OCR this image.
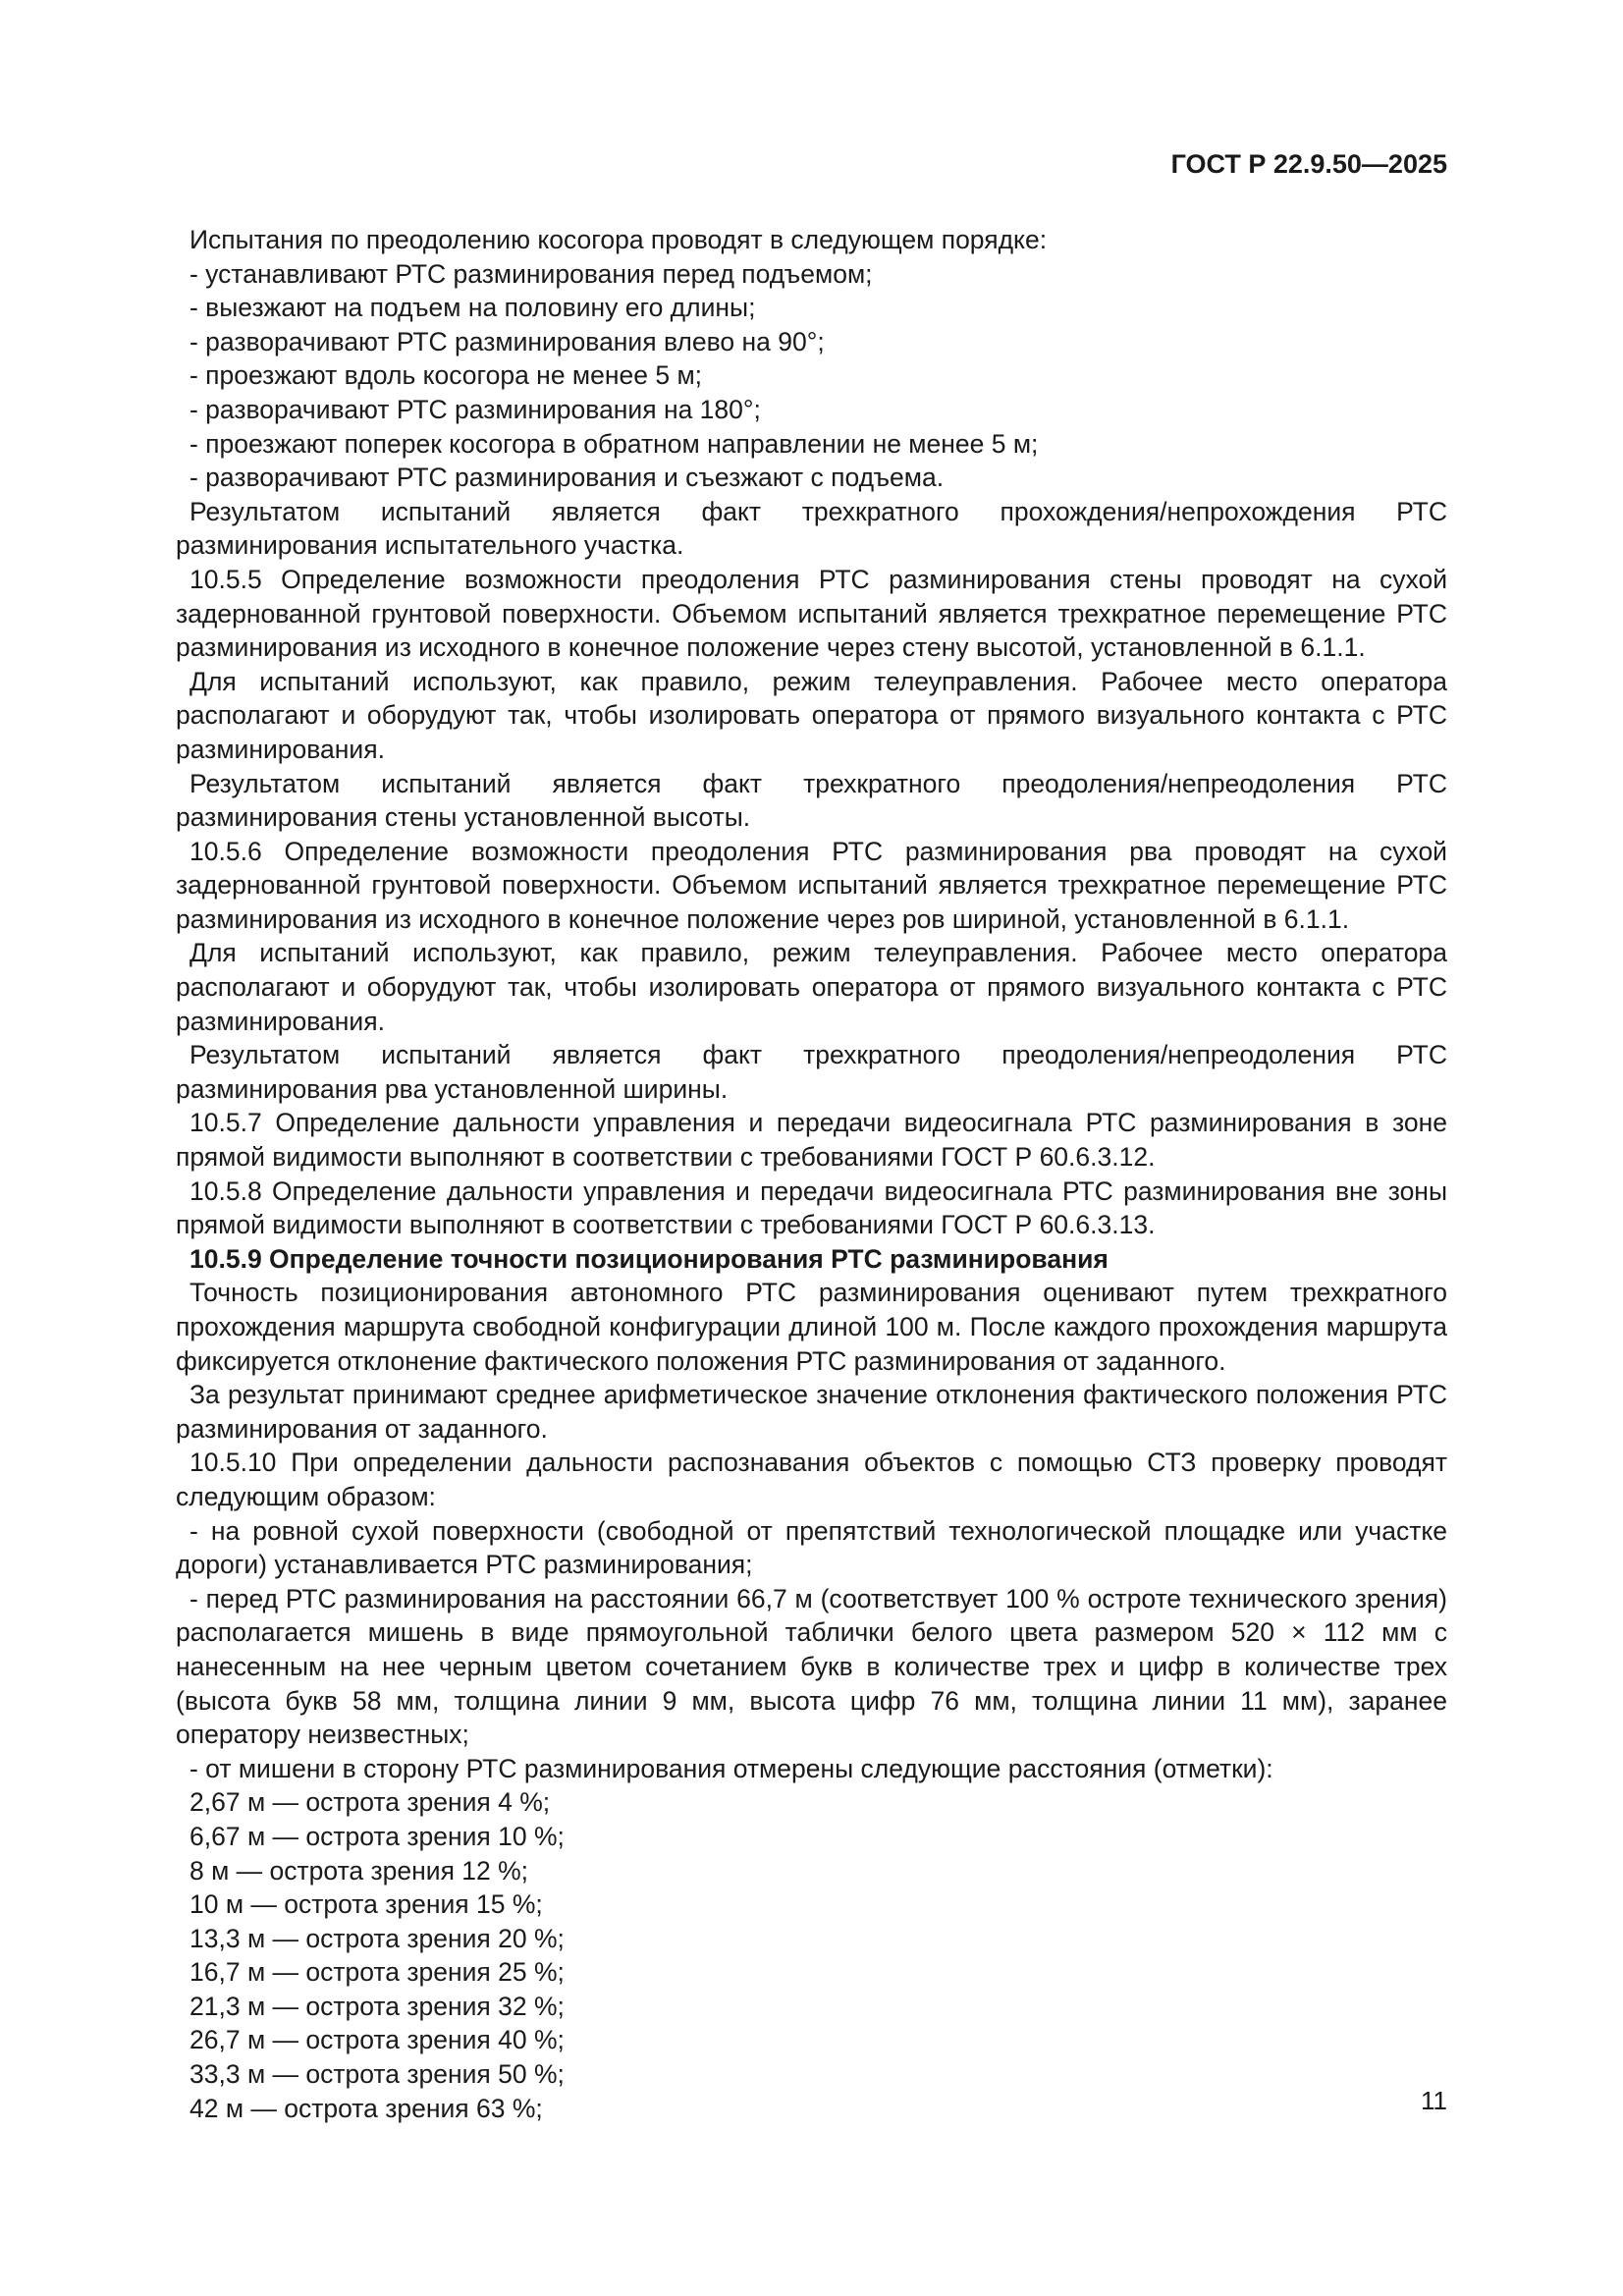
ГОСТ Р 22.9.50—2025

Испытания по преодолению косогора проводят в следующем порядке:

- устанавливают РТС разминирования перед подъемом;

- выезжают на подъем на половину его длины;

- разворачивают РТС разминирования влево на 90°;

- проезжают вдоль косогора не менее 5 м;

- разворачивают РТС разминирования на 180°;

- проезжают поперек косогора в обратном направлении не менее 5 м;

- разворачивают РТС разминирования и съезжают с подъема.

Результатом испытаний является факт трехкратного прохождения/непрохождения РТС разминирования испытательного участка.

10.5.5 Определение возможности преодоления РТС разминирования стены проводят на сухой задернованной грунтовой поверхности. Объемом испытаний является трехкратное перемещение РТС разминирования из исходного в конечное положение через стену высотой, установленной в 6.1.1.

Для испытаний используют, как правило, режим телеуправления. Рабочее место оператора располагают и оборудуют так, чтобы изолировать оператора от прямого визуального контакта с РТС разминирования.

Результатом испытаний является факт трехкратного преодоления/непреодоления РТС разминирования стены установленной высоты.

10.5.6 Определение возможности преодоления РТС разминирования рва проводят на сухой задернованной грунтовой поверхности. Объемом испытаний является трехкратное перемещение РТС разминирования из исходного в конечное положение через ров шириной, установленной в 6.1.1.

Для испытаний используют, как правило, режим телеуправления. Рабочее место оператора располагают и оборудуют так, чтобы изолировать оператора от прямого визуального контакта с РТС разминирования.

Результатом испытаний является факт трехкратного преодоления/непреодоления РТС разминирования рва установленной ширины.

10.5.7 Определение дальности управления и передачи видеосигнала РТС разминирования в зоне прямой видимости выполняют в соответствии с требованиями ГОСТ Р 60.6.3.12.

10.5.8 Определение дальности управления и передачи видеосигнала РТС разминирования вне зоны прямой видимости выполняют в соответствии с требованиями ГОСТ Р 60.6.3.13.

10.5.9 Определение точности позиционирования РТС разминирования

Точность позиционирования автономного РТС разминирования оценивают путем трехкратного прохождения маршрута свободной конфигурации длиной 100 м. После каждого прохождения маршрута фиксируется отклонение фактического положения РТС разминирования от заданного.

За результат принимают среднее арифметическое значение отклонения фактического положения РТС разминирования от заданного.

10.5.10 При определении дальности распознавания объектов с помощью СТЗ проверку проводят следующим образом:

- на ровной сухой поверхности (свободной от препятствий технологической площадке или участке дороги) устанавливается РТС разминирования;

- перед РТС разминирования на расстоянии 66,7 м (соответствует 100 % остроте технического зрения) располагается мишень в виде прямоугольной таблички белого цвета размером 520 × 112 мм с нанесенным на нее черным цветом сочетанием букв в количестве трех и цифр в количестве трех (высота букв 58 мм, толщина линии 9 мм, высота цифр 76 мм, толщина линии 11 мм), заранее оператору неизвестных;

- от мишени в сторону РТС разминирования отмерены следующие расстояния (отметки):

2,67 м — острота зрения 4 %;

6,67 м — острота зрения 10 %;

8 м — острота зрения 12 %;

10 м — острота зрения 15 %;

13,3 м — острота зрения 20 %;

16,7 м — острота зрения 25 %;

21,3 м — острота зрения 32 %;

26,7 м — острота зрения 40 %;

33,3 м — острота зрения 50 %;

42 м — острота зрения 63 %;	11
